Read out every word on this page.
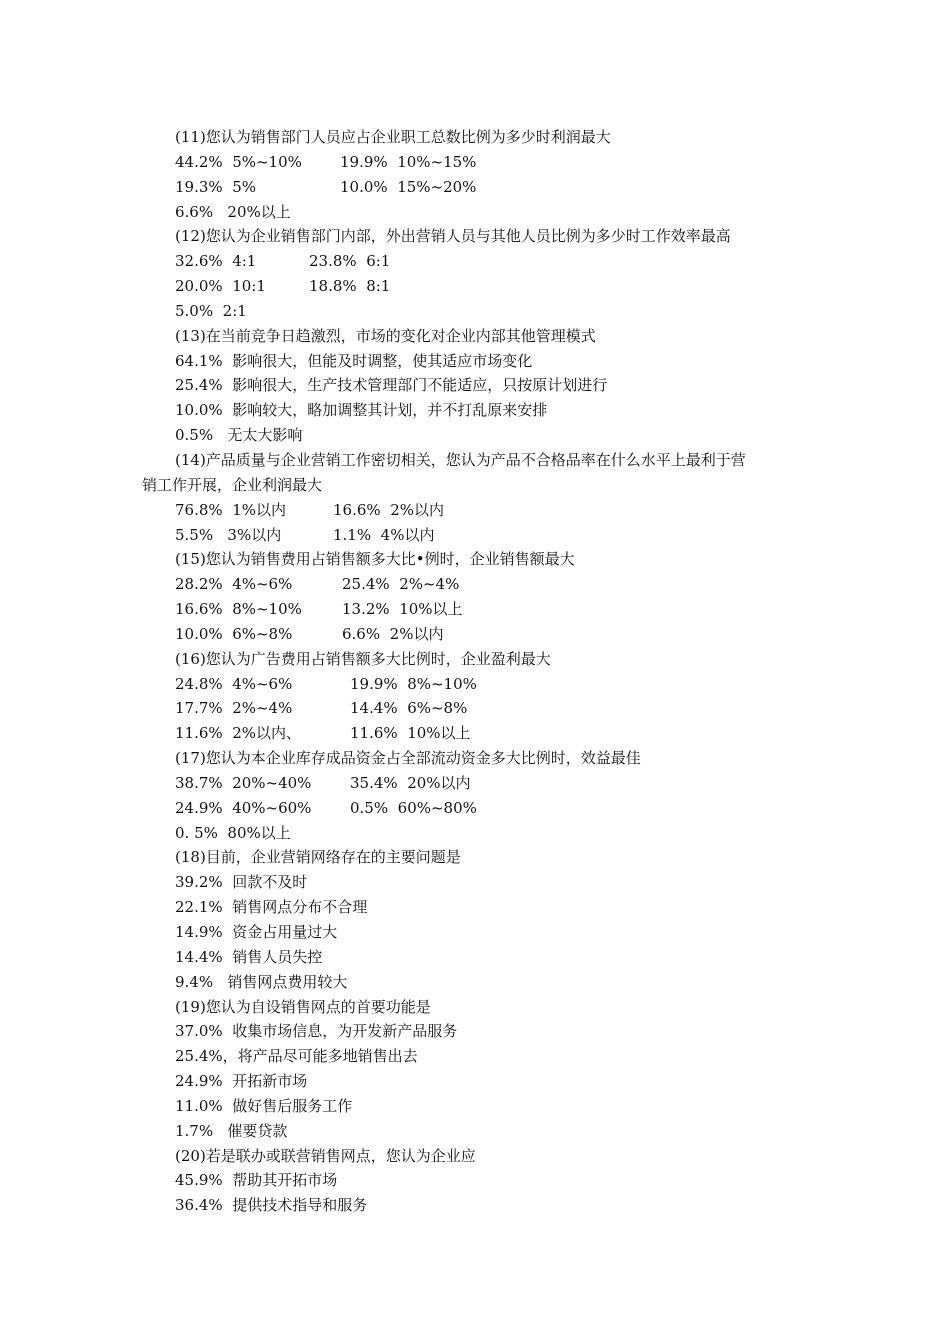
(11)您认为销售部门人员应占企业职工总数比例为多少时利润最大
44.2%  5%~10%	19.9%  10%~15%
19.3%  5%	10.0%  15%~20%
6.6%   20%以上
(12)您认为企业销售部门内部，外出营销人员与其他人员比例为多少时工作效率最高
32.6%  4:1	23.8%  6:1
20.0%  10:1	18.8%  8:1
5.0%  2:1
(13)在当前竞争日趋激烈，市场的变化对企业内部其他管理模式
64.1%  影响很大，但能及时调整，使其适应市场变化
25.4%  影响很大，生产技术管理部门不能适应，只按原计划进行
10.0%  影响较大，略加调整其计划，并不打乱原来安排
0.5%   无太大影响
(14)产品质量与企业营销工作密切相关，您认为产品不合格品率在什么水平上最利于营
销工作开展，企业利润最大
76.8%  1%以内	16.6%  2%以内
5.5%   3%以内	1.1%  4%以内
(15)您认为销售费用占销售额多大比•例时，企业销售额最大
28.2%  4%~6%	25.4%  2%~4%
16.6%  8%~10%	13.2%  10%以上
10.0%  6%~8%	6.6%  2%以内
(16)您认为广告费用占销售额多大比例时，企业盈利最大
24.8%  4%~6%	19.9%  8%~10%
17.7%  2%~4%	14.4%  6%~8%
11.6%  2%以内、	11.6%  10%以上
(17)您认为本企业库存成品资金占全部流动资金多大比例时，效益最佳
38.7%  20%~40%	35.4%  20%以内
24.9%  40%~60%	0.5%  60%~80%
0. 5%  80%以上
(18)目前，企业营销网络存在的主要问题是
39.2%  回款不及时
22.1%  销售网点分布不合理
14.9%  资金占用量过大
14.4%  销售人员失控
9.4%   销售网点费用较大
(19)您认为自设销售网点的首要功能是
37.0%  收集市场信息，为开发新产品服务
25.4%，将产品尽可能多地销售出去
24.9%  开拓新市场
11.0%  做好售后服务工作
1.7%   催要贷款
(20)若是联办或联营销售网点，您认为企业应
45.9%  帮助其开拓市场
36.4%  提供技术指导和服务
